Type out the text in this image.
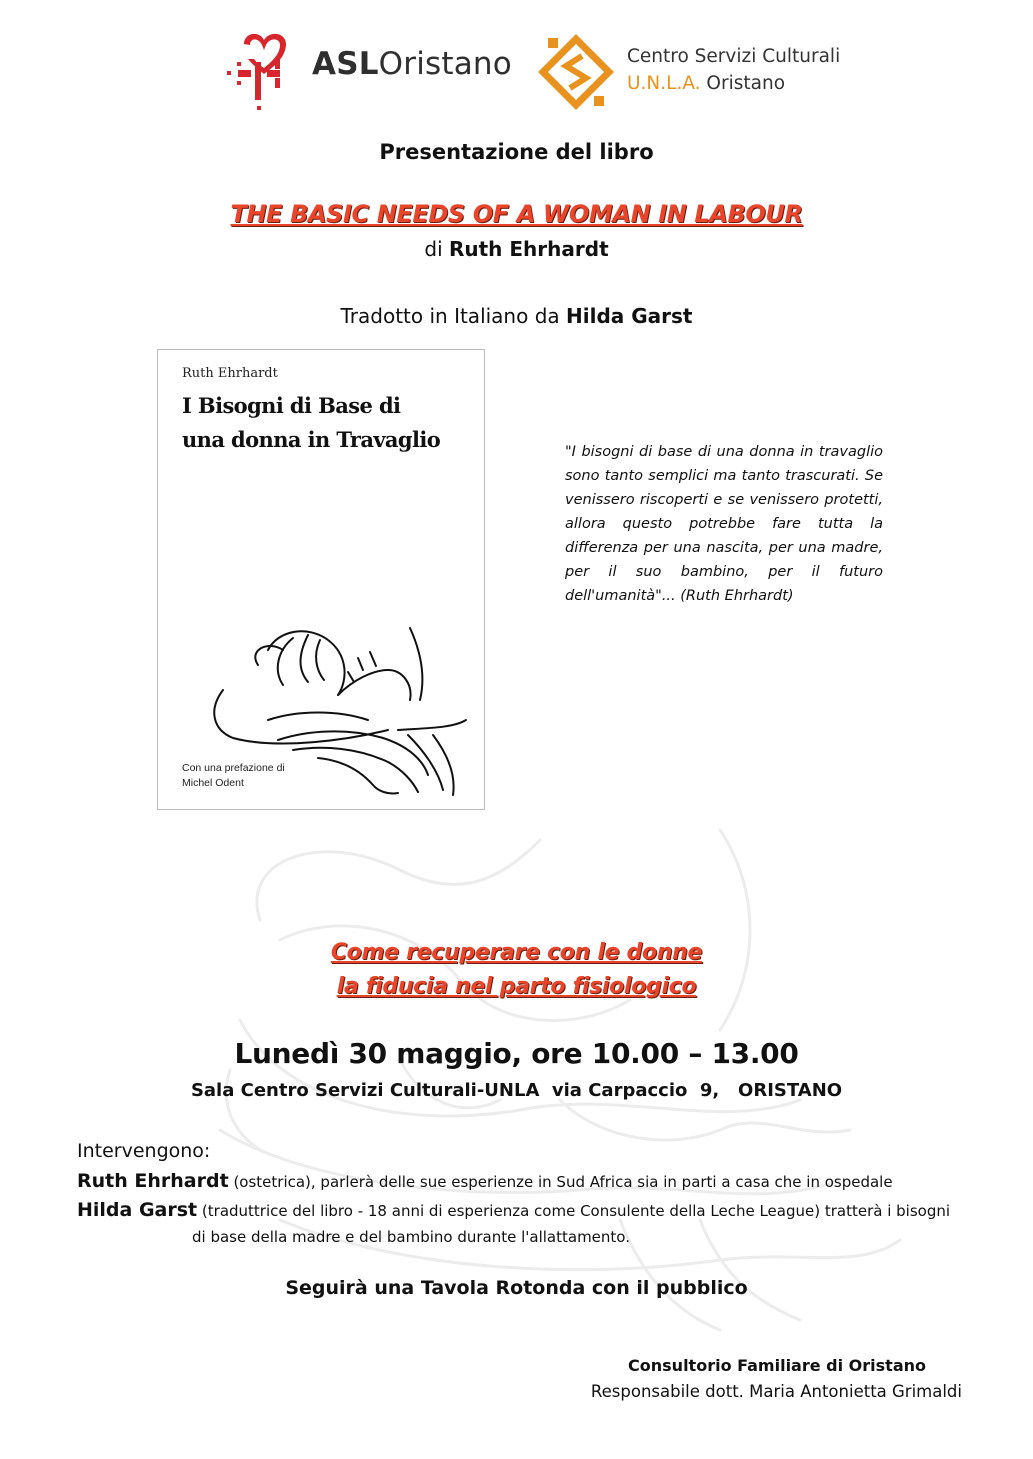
ASLOristano	Centro Servizi Culturali
U.N.L.A. Oristano
Presentazione del libro
THE BASIC NEEDS OF A WOMAN IN LABOUR
di Ruth Ehrhardt
Tradotto in Italiano da Hilda Garst
Ruth Ehrhardt
I Bisogni di Base di
una donna in Travaglio
Con una prefazione di
Michel Odent
"I bisogni di base di una donna in travaglio sono tanto semplici ma tanto trascurati. Se venissero riscoperti e se venissero protetti, allora questo potrebbe fare tutta la differenza per una nascita, per una madre, per il suo bambino, per il futuro dell'umanità"... (Ruth Ehrhardt)
Come recuperare con le donne
la fiducia nel parto fisiologico
Lunedì 30 maggio, ore 10.00 – 13.00
Sala Centro Servizi Culturali-UNLA  via Carpaccio  9,   ORISTANO
Intervengono:
Ruth Ehrhardt (ostetrica), parlerà delle sue esperienze in Sud Africa sia in parti a casa che in ospedale
Hilda Garst (traduttrice del libro - 18 anni di esperienza come Consulente della Leche League) tratterà i bisogni
di base della madre e del bambino durante l'allattamento.
Seguirà una Tavola Rotonda con il pubblico
Consultorio Familiare di Oristano
Responsabile dott. Maria Antonietta Grimaldi
